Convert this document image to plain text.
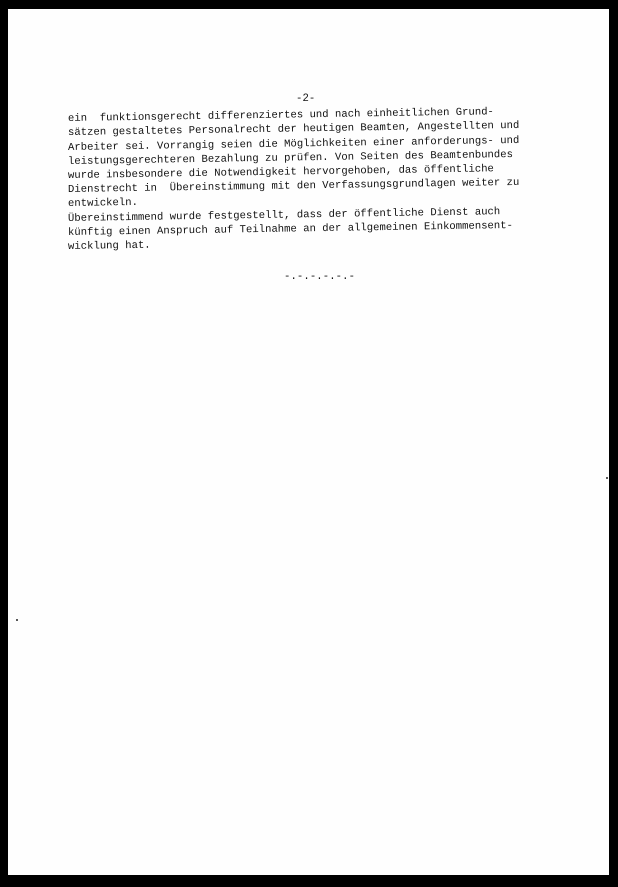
-2-
ein  funktionsgerecht differenziertes und nach einheitlichen Grund-
sätzen gestaltetes Personalrecht der heutigen Beamten, Angestellten und
Arbeiter sei. Vorrangig seien die Möglichkeiten einer anforderungs- und
leistungsgerechteren Bezahlung zu prüfen. Von Seiten des Beamtenbundes
wurde insbesondere die Notwendigkeit hervorgehoben, das öffentliche
Dienstrecht in  Übereinstimmung mit den Verfassungsgrundlagen weiter zu
entwickeln.
Übereinstimmend wurde festgestellt, dass der öffentliche Dienst auch
künftig einen Anspruch auf Teilnahme an der allgemeinen Einkommensent-
wicklung hat.
-.-.-.-.-.-
